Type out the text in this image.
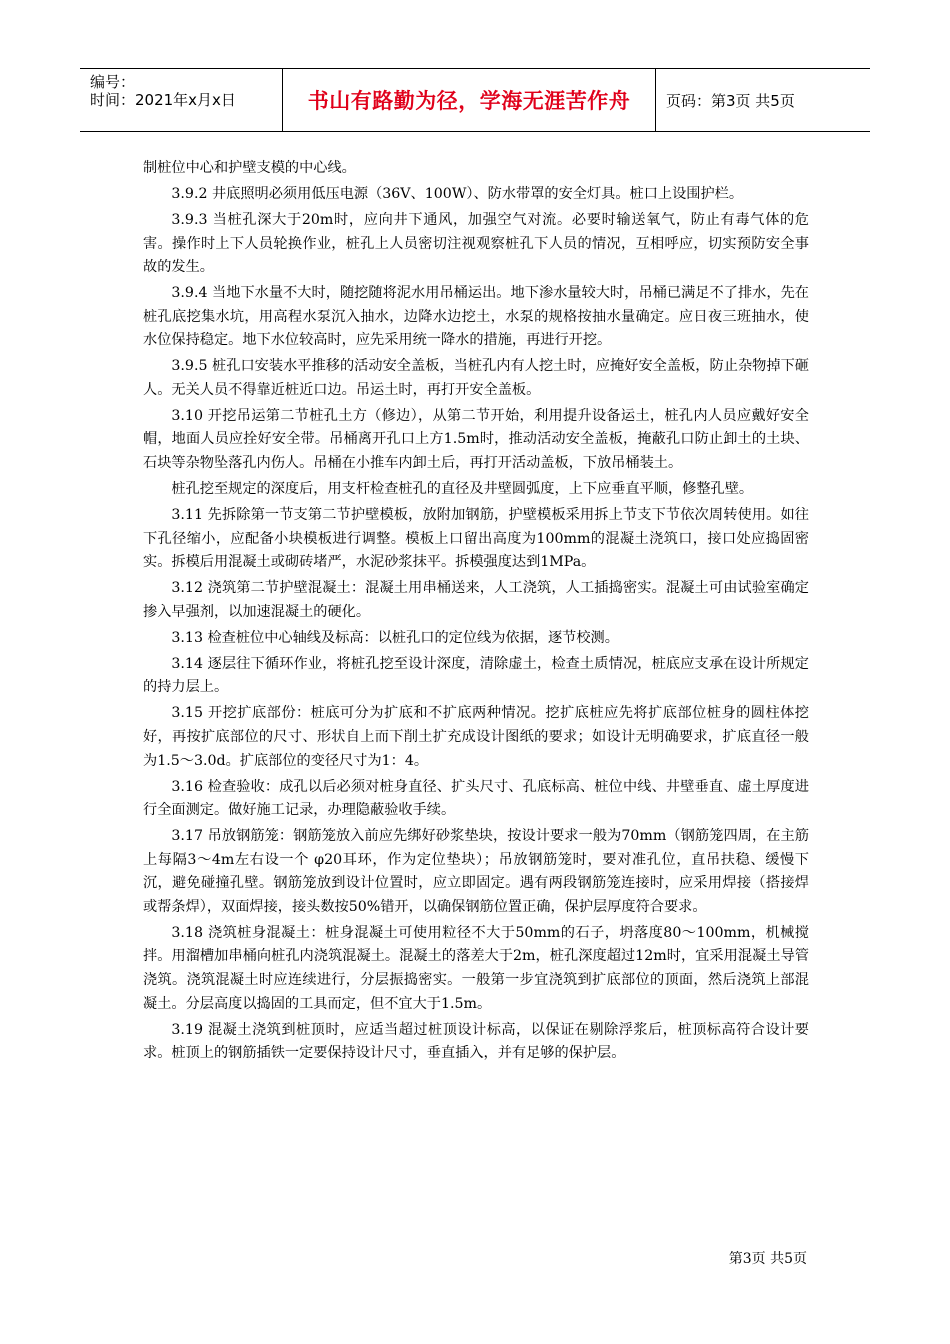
编号：
时间：2021年x月x日	书山有路勤为径，学海无涯苦作舟	页码：第3页 共5页

制桩位中心和护壁支模的中心线。

3.9.2 井底照明必须用低压电源（36V、100W）、防水带罩的安全灯具。桩口上设围护栏。

3.9.3 当桩孔深大于20m时，应向井下通风，加强空气对流。必要时输送氧气，防止有毒气体的危害。操作时上下人员轮换作业，桩孔上人员密切注视观察桩孔下人员的情况，互相呼应，切实预防安全事故的发生。

3.9.4 当地下水量不大时，随挖随将泥水用吊桶运出。地下渗水量较大时，吊桶已满足不了排水，先在桩孔底挖集水坑，用高程水泵沉入抽水，边降水边挖土，水泵的规格按抽水量确定。应日夜三班抽水，使水位保持稳定。地下水位较高时，应先采用统一降水的措施，再进行开挖。

3.9.5 桩孔口安装水平推移的活动安全盖板，当桩孔内有人挖土时，应掩好安全盖板，防止杂物掉下砸人。无关人员不得靠近桩近口边。吊运土时，再打开安全盖板。

3.10 开挖吊运第二节桩孔土方（修边），从第二节开始，利用提升设备运土，桩孔内人员应戴好安全帽，地面人员应拴好安全带。吊桶离开孔口上方1.5m时，推动活动安全盖板，掩蔽孔口防止卸土的土块、石块等杂物坠落孔内伤人。吊桶在小推车内卸土后，再打开活动盖板，下放吊桶装土。

桩孔挖至规定的深度后，用支杆检查桩孔的直径及井壁圆弧度，上下应垂直平顺，修整孔壁。

3.11 先拆除第一节支第二节护壁模板，放附加钢筋，护壁模板采用拆上节支下节依次周转使用。如往下孔径缩小，应配备小块模板进行调整。模板上口留出高度为100mm的混凝土浇筑口，接口处应捣固密实。拆模后用混凝土或砌砖堵严，水泥砂浆抹平。拆模强度达到1MPa。

3.12 浇筑第二节护壁混凝土：混凝土用串桶送来，人工浇筑，人工插捣密实。混凝土可由试验室确定掺入早强剂，以加速混凝土的硬化。

3.13 检查桩位中心轴线及标高：以桩孔口的定位线为依据，逐节校测。

3.14 逐层往下循环作业，将桩孔挖至设计深度，清除虚土，检查土质情况，桩底应支承在设计所规定的持力层上。

3.15 开挖扩底部份：桩底可分为扩底和不扩底两种情况。挖扩底桩应先将扩底部位桩身的圆柱体挖好，再按扩底部位的尺寸、形状自上而下削土扩充成设计图纸的要求；如设计无明确要求，扩底直径一般为1.5～3.0d。扩底部位的变径尺寸为1：4。

3.16 检查验收：成孔以后必须对桩身直径、扩头尺寸、孔底标高、桩位中线、井壁垂直、虚土厚度进行全面测定。做好施工记录，办理隐蔽验收手续。

3.17 吊放钢筋笼：钢筋笼放入前应先绑好砂浆垫块，按设计要求一般为70mm（钢筋笼四周，在主筋上每隔3～4m左右设一个 φ20耳环，作为定位垫块）；吊放钢筋笼时，要对准孔位，直吊扶稳、缓慢下沉，避免碰撞孔壁。钢筋笼放到设计位置时，应立即固定。遇有两段钢筋笼连接时，应采用焊接（搭接焊或帮条焊），双面焊接，接头数按50%错开，以确保钢筋位置正确，保护层厚度符合要求。

3.18 浇筑桩身混凝土：桩身混凝土可使用粒径不大于50mm的石子，坍落度80～100mm，机械搅拌。用溜槽加串桶向桩孔内浇筑混凝土。混凝土的落差大于2m，桩孔深度超过12m时，宜采用混凝土导管浇筑。浇筑混凝土时应连续进行，分层振捣密实。一般第一步宜浇筑到扩底部位的顶面，然后浇筑上部混凝土。分层高度以捣固的工具而定，但不宜大于1.5m。

3.19 混凝土浇筑到桩顶时，应适当超过桩顶设计标高，以保证在剔除浮浆后，桩顶标高符合设计要求。桩顶上的钢筋插铁一定要保持设计尺寸，垂直插入，并有足够的保护层。

第3页 共5页
